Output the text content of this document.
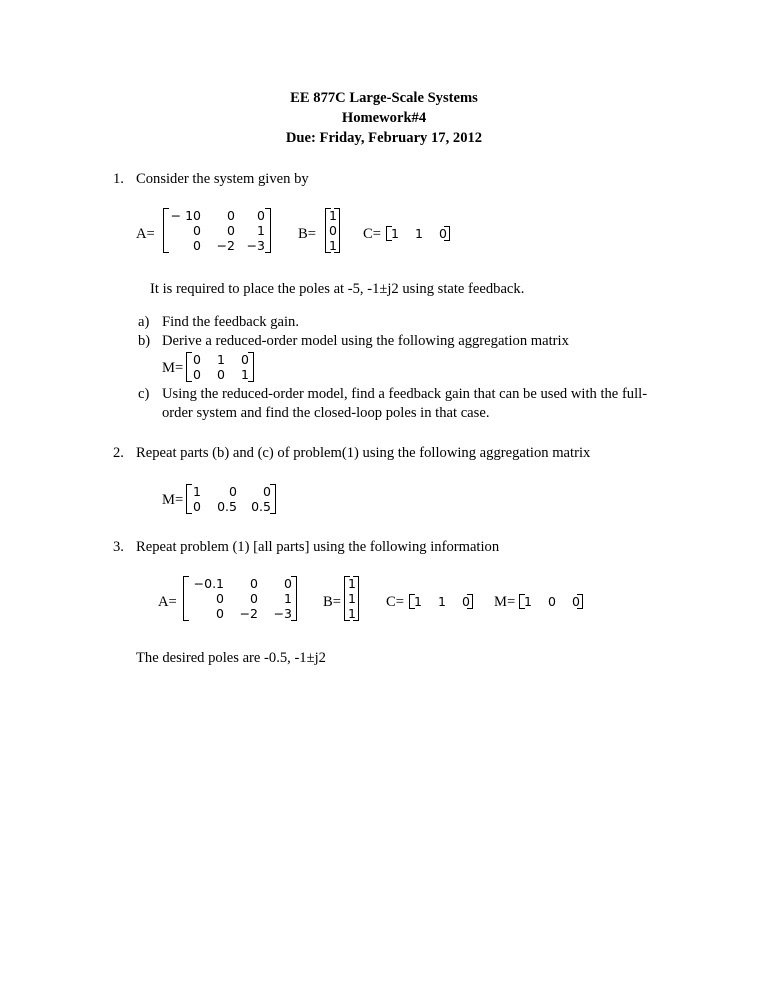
EE 877C Large-Scale Systems
Homework#4
Due: Friday, February 17, 2012
1. Consider the system given by
A=
− 10	0	0
0	0	1
0	−2	−3
B=
1
0
1
C= 1	1	0
It is required to place the poles at -5, -1±j2 using state feedback.
a) Find the feedback gain.
b) Derive a reduced-order model using the following aggregation matrix
M=
0	1	0
0	0	1
c) Using the reduced-order model, find a feedback gain that can be used with the full-
order system and find the closed-loop poles in that case.
2. Repeat parts (b) and (c) of problem(1) using the following aggregation matrix
M=
1	0	0
0	0.5	0.5
3. Repeat problem (1) [all parts] using the following information
A=
−0.1	0	0
0	0	1
0	−2	−3
B=
1
1
1
C= 1	1	0 M= 1	0	0
The desired poles are -0.5, -1±j2
